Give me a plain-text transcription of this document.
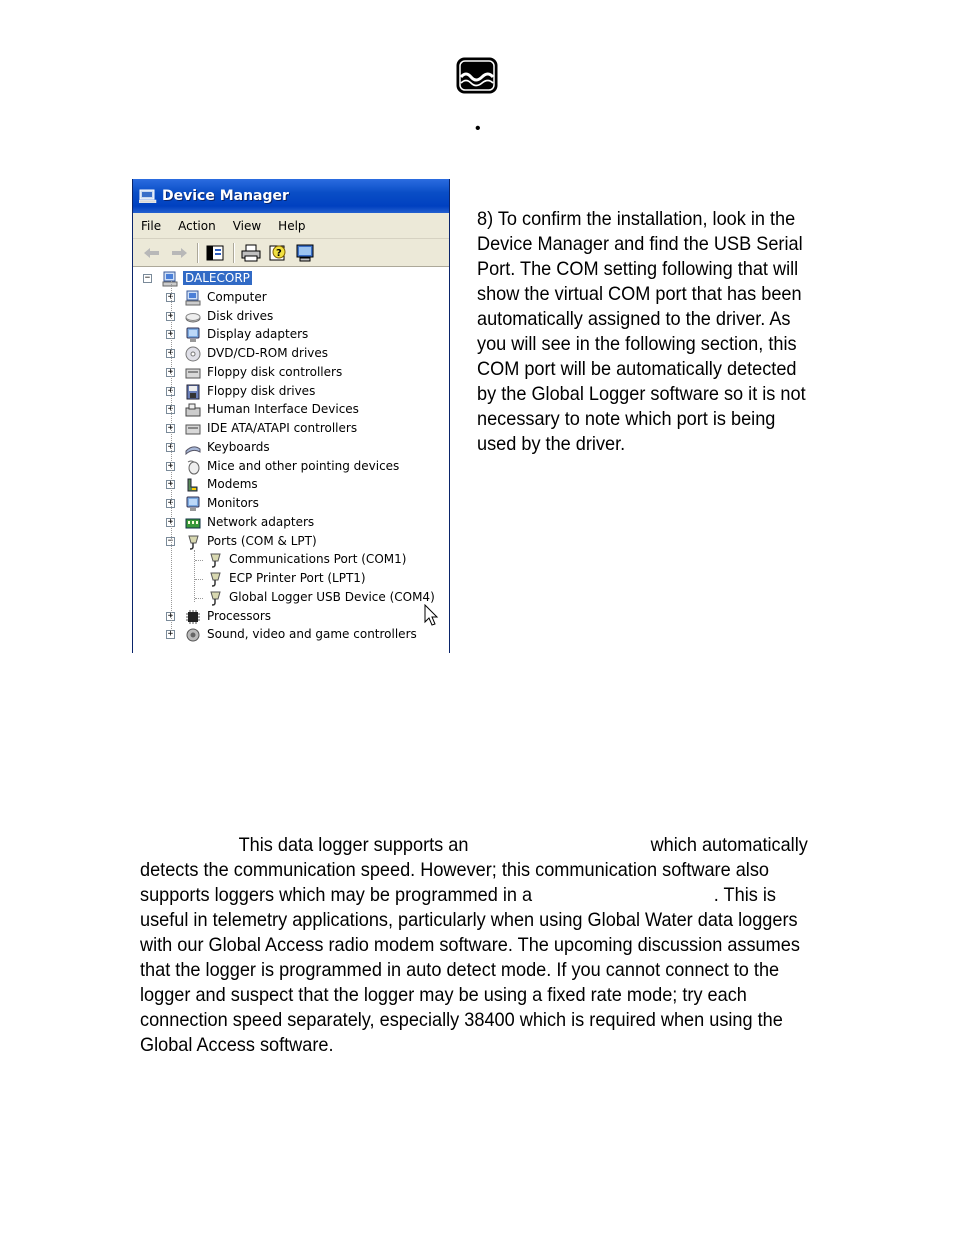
•
Device Manager
File Action View Help
?
−	DALECORP
+	Computer
+	Disk drives
+	Display adapters
+	DVD/CD-ROM drives
+	Floppy disk controllers
+	Floppy disk drives
+	Human Interface Devices
+	IDE ATA/ATAPI controllers
+	Keyboards
+	Mice and other pointing devices
+	Modems
+	Monitors
+	Network adapters
−	Ports (COM & LPT)
Communications Port (COM1)
ECP Printer Port (LPT1)
Global Logger USB Device (COM4)
+	Processors
+	Sound, video and game controllers
8) To confirm the installation, look in the
Device Manager and find the USB Serial
Port. The COM setting following that will
show the virtual COM port that has been
automatically assigned to the driver. As
you will see in the following section, this
COM port will be automatically detected
by the Global Logger software so it is not
necessary to note which port is being
used by the driver.
This data logger supports an	which automatically
detects the communication speed. However; this communication software also
supports loggers which may be programmed in a	. This is
useful in telemetry applications, particularly when using Global Water data loggers
with our Global Access radio modem software. The upcoming discussion assumes
that the logger is programmed in auto detect mode. If you cannot connect to the
logger and suspect that the logger may be using a fixed rate mode; try each
connection speed separately, especially 38400 which is required when using the
Global Access software.
